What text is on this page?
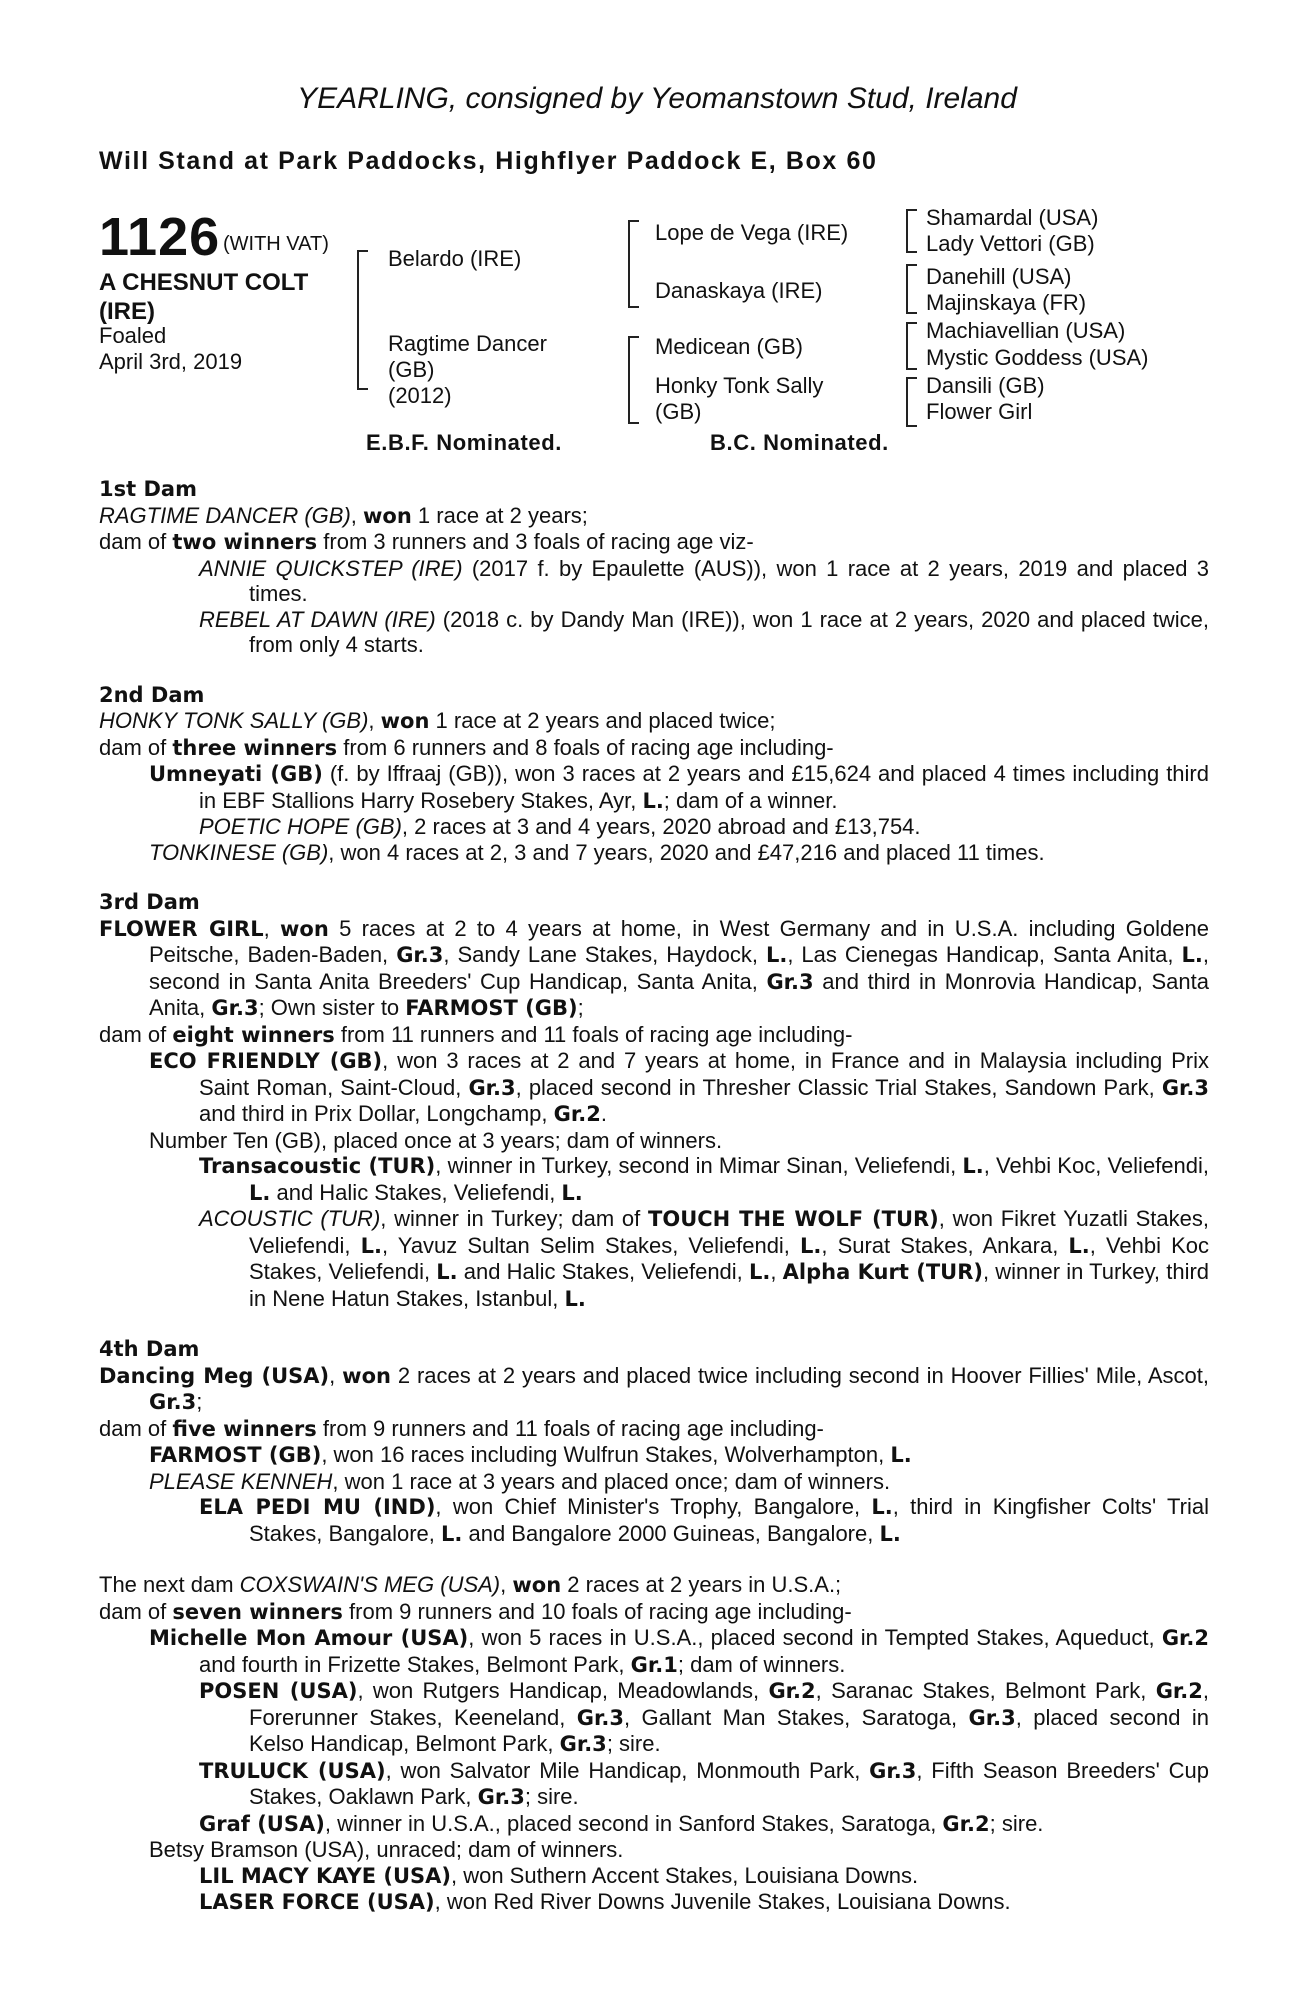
YEARLING, consigned by Yeomanstown Stud, Ireland
Will Stand at Park Paddocks, Highflyer Paddock E, Box 60
1126 (WITH VAT)
A CHESNUT COLT
(IRE)
Foaled
April 3rd, 2019
Belardo (IRE)
Ragtime Dancer
(GB)
(2012)
Lope de Vega (IRE)
Danaskaya (IRE)
Medicean (GB)
Honky Tonk Sally
(GB)
Shamardal (USA)
Lady Vettori (GB)
Danehill (USA)
Majinskaya (FR)
Machiavellian (USA)
Mystic Goddess (USA)
Dansili (GB)
Flower Girl
E.B.F. Nominated.	B.C. Nominated.

1st Dam

RAGTIME DANCER (GB), won 1 race at 2 years;

dam of two winners from 3 runners and 3 foals of racing age viz-

ANNIE QUICKSTEP (IRE) (2017 f. by Epaulette (AUS)), won 1 race at 2 years, 2019 and placed 3 times.

REBEL AT DAWN (IRE) (2018 c. by Dandy Man (IRE)), won 1 race at 2 years, 2020 and placed twice, from only 4 starts.

2nd Dam

HONKY TONK SALLY (GB), won 1 race at 2 years and placed twice;

dam of three winners from 6 runners and 8 foals of racing age including-

Umneyati (GB) (f. by Iffraaj (GB)), won 3 races at 2 years and £15,624 and placed 4 times including third in EBF Stallions Harry Rosebery Stakes, Ayr, L.; dam of a winner.

POETIC HOPE (GB), 2 races at 3 and 4 years, 2020 abroad and £13,754.

TONKINESE (GB), won 4 races at 2, 3 and 7 years, 2020 and £47,216 and placed 11 times.

3rd Dam

FLOWER GIRL, won 5 races at 2 to 4 years at home, in West Germany and in U.S.A. including Goldene Peitsche, Baden-Baden, Gr.3, Sandy Lane Stakes, Haydock, L., Las Cienegas Handicap, Santa Anita, L., second in Santa Anita Breeders' Cup Handicap, Santa Anita, Gr.3 and third in Monrovia Handicap, Santa Anita, Gr.3; Own sister to FARMOST (GB);

dam of eight winners from 11 runners and 11 foals of racing age including-

ECO FRIENDLY (GB), won 3 races at 2 and 7 years at home, in France and in Malaysia including Prix Saint Roman, Saint-Cloud, Gr.3, placed second in Thresher Classic Trial Stakes, Sandown Park, Gr.3 and third in Prix Dollar, Longchamp, Gr.2.

Number Ten (GB), placed once at 3 years; dam of winners.

Transacoustic (TUR), winner in Turkey, second in Mimar Sinan, Veliefendi, L., Vehbi Koc, Veliefendi, L. and Halic Stakes, Veliefendi, L.

ACOUSTIC (TUR), winner in Turkey; dam of TOUCH THE WOLF (TUR), won Fikret Yuzatli Stakes, Veliefendi, L., Yavuz Sultan Selim Stakes, Veliefendi, L., Surat Stakes, Ankara, L., Vehbi Koc Stakes, Veliefendi, L. and Halic Stakes, Veliefendi, L., Alpha Kurt (TUR), winner in Turkey, third in Nene Hatun Stakes, Istanbul, L.

4th Dam

Dancing Meg (USA), won 2 races at 2 years and placed twice including second in Hoover Fillies' Mile, Ascot, Gr.3;

dam of five winners from 9 runners and 11 foals of racing age including-

FARMOST (GB), won 16 races including Wulfrun Stakes, Wolverhampton, L.

PLEASE KENNEH, won 1 race at 3 years and placed once; dam of winners.

ELA PEDI MU (IND), won Chief Minister's Trophy, Bangalore, L., third in Kingfisher Colts' Trial Stakes, Bangalore, L. and Bangalore 2000 Guineas, Bangalore, L.

The next dam COXSWAIN'S MEG (USA), won 2 races at 2 years in U.S.A.;

dam of seven winners from 9 runners and 10 foals of racing age including-

Michelle Mon Amour (USA), won 5 races in U.S.A., placed second in Tempted Stakes, Aqueduct, Gr.2 and fourth in Frizette Stakes, Belmont Park, Gr.1; dam of winners.

POSEN (USA), won Rutgers Handicap, Meadowlands, Gr.2, Saranac Stakes, Belmont Park, Gr.2, Forerunner Stakes, Keeneland, Gr.3, Gallant Man Stakes, Saratoga, Gr.3, placed second in Kelso Handicap, Belmont Park, Gr.3; sire.

TRULUCK (USA), won Salvator Mile Handicap, Monmouth Park, Gr.3, Fifth Season Breeders' Cup Stakes, Oaklawn Park, Gr.3; sire.

Graf (USA), winner in U.S.A., placed second in Sanford Stakes, Saratoga, Gr.2; sire.

Betsy Bramson (USA), unraced; dam of winners.

LIL MACY KAYE (USA), won Suthern Accent Stakes, Louisiana Downs.

LASER FORCE (USA), won Red River Downs Juvenile Stakes, Louisiana Downs.
